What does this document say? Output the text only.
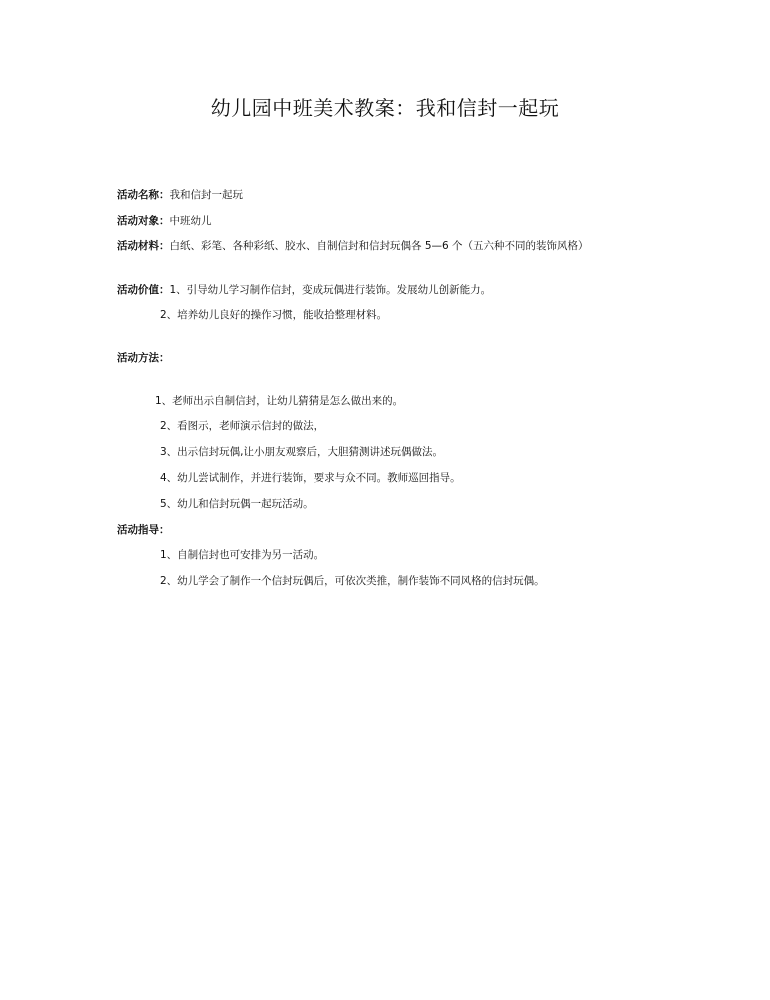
幼儿园中班美术教案：我和信封一起玩
活动名称：我和信封一起玩
活动对象：中班幼儿
活动材料：白纸、彩笔、各种彩纸、胶水、自制信封和信封玩偶各 5—6 个（五六种不同的装饰风格）
活动价值：1、引导幼儿学习制作信封，变成玩偶进行装饰。发展幼儿创新能力。
2、培养幼儿良好的操作习惯，能收拾整理材料。
活动方法：
1、老师出示自制信封，让幼儿猜猜是怎么做出来的。
2、看图示，老师演示信封的做法，
3、出示信封玩偶,让小朋友观察后，大胆猜测讲述玩偶做法。
4、幼儿尝试制作，并进行装饰，要求与众不同。教师巡回指导。
5、幼儿和信封玩偶一起玩活动。
活动指导：
1、自制信封也可安排为另一活动。
2、幼儿学会了制作一个信封玩偶后，可依次类推，制作装饰不同风格的信封玩偶。
